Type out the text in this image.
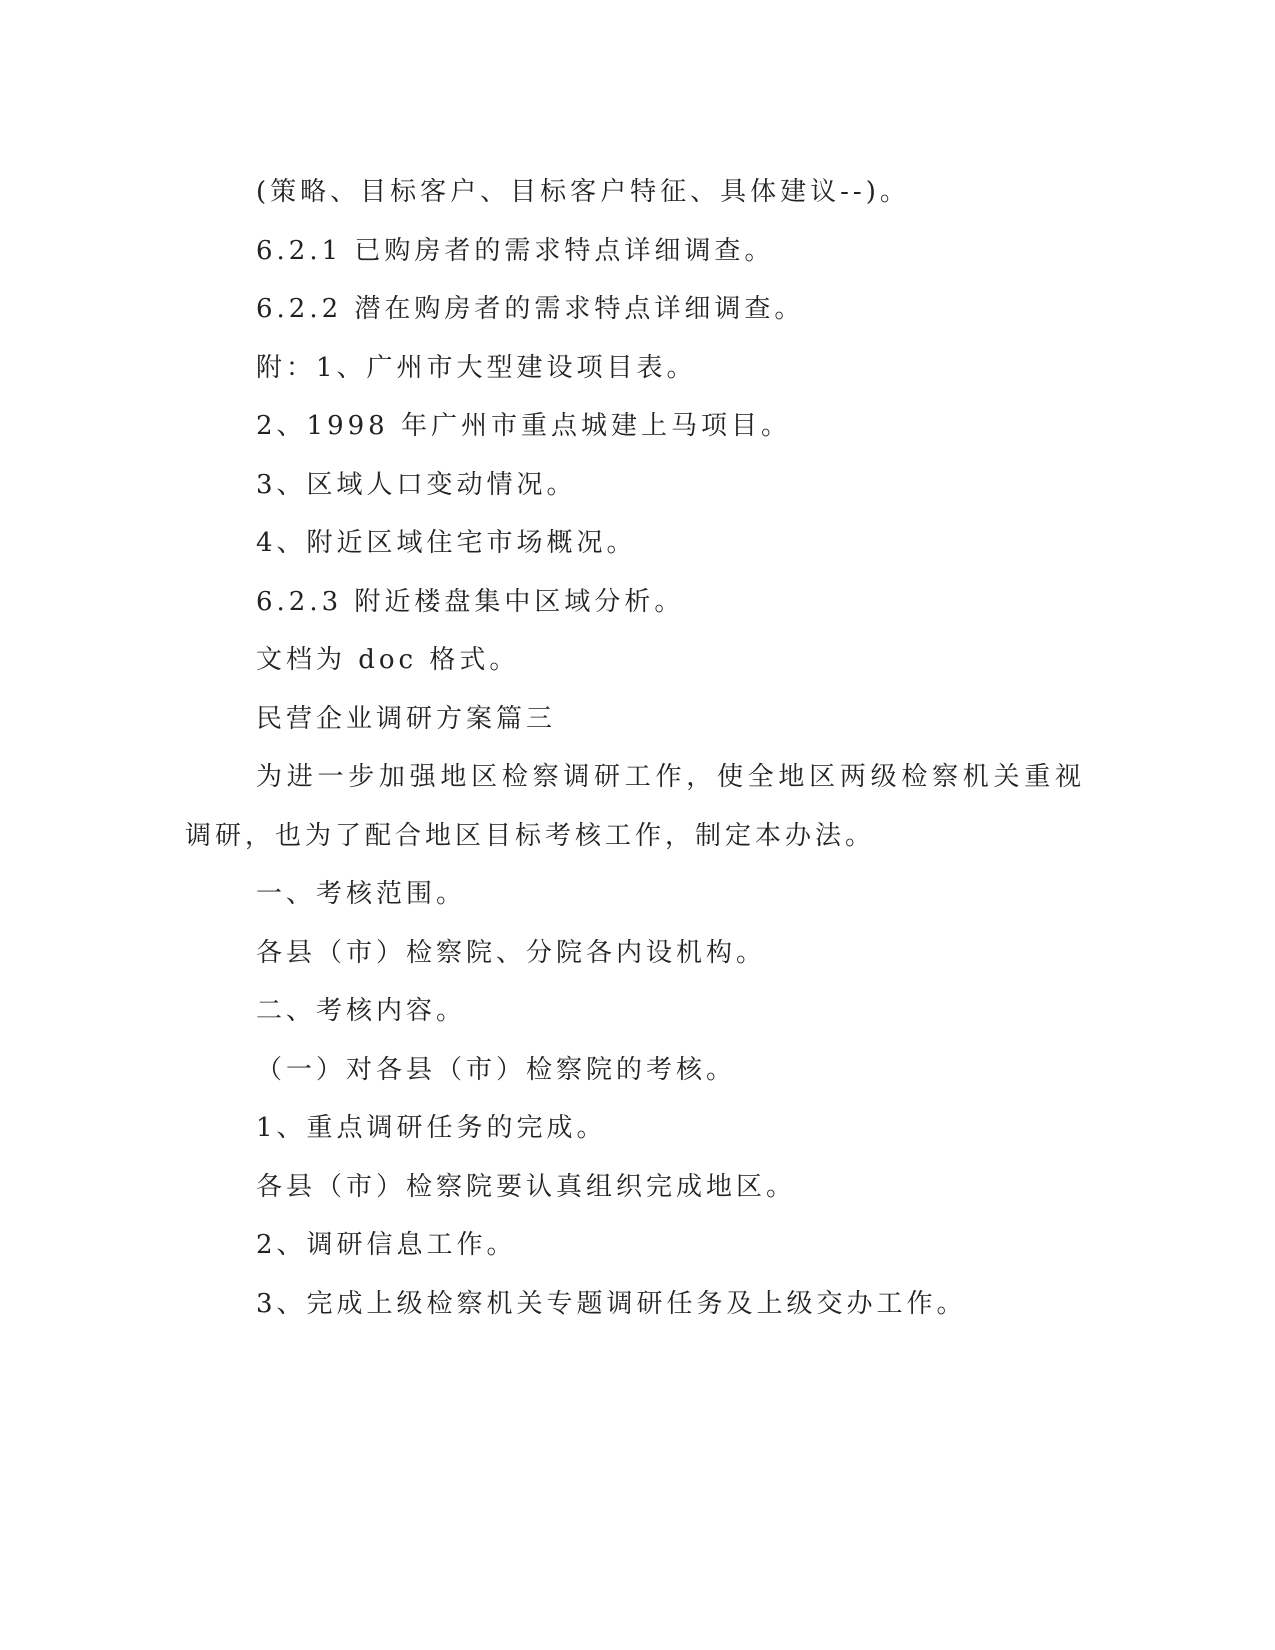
(策略、目标客户、目标客户特征、具体建议--)。

6.2.1 已购房者的需求特点详细调查。

6.2.2 潜在购房者的需求特点详细调查。

附：1、广州市大型建设项目表。

2、1998 年广州市重点城建上马项目。

3、区域人口变动情况。

4、附近区域住宅市场概况。

6.2.3 附近楼盘集中区域分析。

文档为 doc 格式。

民营企业调研方案篇三

为进一步加强地区检察调研工作，使全地区两级检察机关重视调研，也为了配合地区目标考核工作，制定本办法。

一、考核范围。

各县（市）检察院、分院各内设机构。

二、考核内容。

（一）对各县（市）检察院的考核。

1、重点调研任务的完成。

各县（市）检察院要认真组织完成地区。

2、调研信息工作。

3、完成上级检察机关专题调研任务及上级交办工作。
